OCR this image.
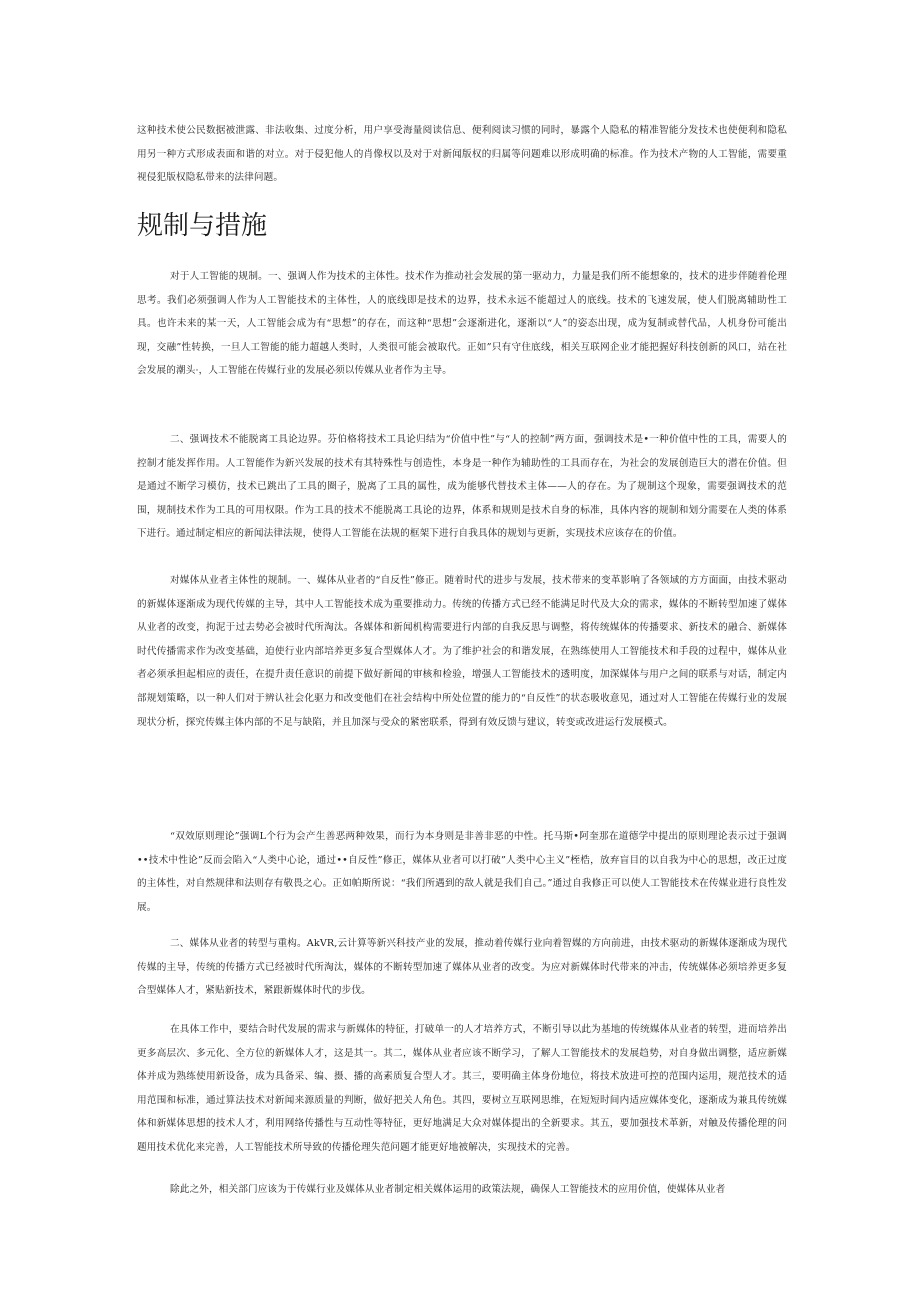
这种技术使公民数据被泄露、非法收集、过度分析，用户享受海量阅读信息、便利阅读习惯的同时，暴露个人隐私的精准智能分发技术也使便利和隐私用另一种方式形成表面和谐的对立。对于侵犯他人的肖像权以及对于对新闻版权的归属等问题难以形成明确的标准。作为技术产物的人工智能，需要重视侵犯版权隐私带来的法律问题。

规制与措施

对于人工智能的规制。一、强调人作为技术的主体性。技术作为推动社会发展的第一驱动力，力量是我们所不能想象的，技术的进步伴随着伦理思考。我们必须强调人作为人工智能技术的主体性，人的底线即是技术的边界，技术永远不能超过人的底线。技术的飞速发展，使人们脱离辅助性工具。也许未来的某一天，人工智能会成为有“思想”的存在，而这种“思想”会逐渐进化，逐渐以“人”的姿态出现，成为复制或替代品，人机身份可能出现，交融”性转换，一旦人工智能的能力超越人类时，人类很可能会被取代。正如”只有守住底线，相关互联网企业才能把握好科技创新的风口，站在社会发展的潮头·，人工智能在传媒行业的发展必须以传媒从业者作为主导。

二、强调技术不能脱离工具论边界。芬伯格将技术工具论归结为“价值中性”与“人的控制”两方面，强调技术是•一种价值中性的工具，需要人的控制才能发挥作用。人工智能作为新兴发展的技术有其特殊性与创造性，本身是一种作为辅助性的工具而存在，为社会的发展创造巨大的潜在价值。但是通过不断学习模仿，技术已跳出了工具的圈子，脱离了工具的属性，成为能够代替技术主体——人的存在。为了规制这个现象，需要强调技术的范围，规制技术作为工具的可用权限。作为工具的技术不能脱离工具论的边界，体系和规则是技术自身的标准，具体内容的规制和划分需要在人类的体系下进行。通过制定相应的新闻法律法规，使得人工智能在法规的框架下进行自我具体的规划与更新，实现技术应该存在的价值。

对媒体从业者主体性的规制。一、媒体从业者的“自反性”修正。随着时代的进步与发展，技术带来的变革影响了各领域的方方面面，由技术驱动的新媒体逐渐成为现代传媒的主导，其中人工智能技术成为重要推动力。传统的传播方式已经不能满足时代及大众的需求，媒体的不断转型加速了媒体从业者的改变，拘泥于过去势必会被时代所淘汰。各媒体和新闻机构需要进行内部的自我反思与调整，将传统媒体的传播要求、新技术的融合、新媒体时代传播需求作为改变基础，迫使行业内部培养更多复合型媒体人才。为了维护社会的和谐发展，在熟练使用人工智能技术和手段的过程中，媒体从业者必须承担起相应的责任，在提升责任意识的前提下做好新闻的审核和检验，增强人工智能技术的透明度，加深媒体与用户之间的联系与对话，制定内部规划策略，以一种人们对于辨认社会化驱力和改变他们在社会结构中所处位置的能力的“自反性”的状态吸收意见，通过对人工智能在传媒行业的发展现状分析，探究传媒主体内部的不足与缺陷，并且加深与受众的紧密联系，得到有效反馈与建议，转变或改进运行发展模式。

“双效原则理论”强调L个行为会产生善恶两种效果，而行为本身则是非善非恶的中性。托马斯•阿奎那在道德学中提出的原则理论表示过于强调••技术中性论”反而会陷入“人类中心论，通过••自反性”修正，媒体从业者可以打破”人类中心主义”桎梏，放弃盲目的以自我为中心的思想，改正过度的主体性，对自然规律和法则存有敬畏之心。正如帕斯所说：“我们所遇到的敌人就是我们自己。”通过自我修正可以使人工智能技术在传媒业进行良性发展。

二、媒体从业者的转型与重构。AkVR,云计算等新兴科技产业的发展，推动着传媒行业向着智媒的方向前进，由技术驱动的新媒体逐渐成为现代传媒的主导，传统的传播方式已经被时代所淘汰，媒体的不断转型加速了媒体从业者的改变。为应对新媒体时代带来的冲击，传统媒体必须培养更多复合型媒体人才，紧贴新技术，紧跟新媒体时代的步伐。

在具体工作中，要结合时代发展的需求与新媒体的特征，打破单一的人才培养方式，不断引导以此为基地的传统媒体从业者的转型，进而培养出更多高层次、多元化、全方位的新媒体人才，这是其一。其二，媒体从业者应该不断学习，了解人工智能技术的发展趋势，对自身做出调整，适应新媒体并成为熟练使用新设备，成为具备采、编、摄、播的高素质复合型人才。其三，要明确主体身份地位，将技术放进可控的范围内运用，规范技术的适用范围和标准，通过算法技术对新闻来源质量的判断，做好把关人角色。其四，要树立互联网思维，在短短时间内适应媒体变化，逐渐成为兼具传统媒体和新媒体思想的技术人才，利用网络传播性与互动性等特征，更好地满足大众对媒体提出的全新要求。其五，要加强技术革新，对触及传播伦理的问题用技术优化来完善，人工智能技术所导致的传播伦理失范问题才能更好地被解决，实现技术的完善。

除此之外，相关部门应该为于传媒行业及媒体从业者制定相关媒体运用的政策法规，确保人工智能技术的应用价值，使媒体从业者
